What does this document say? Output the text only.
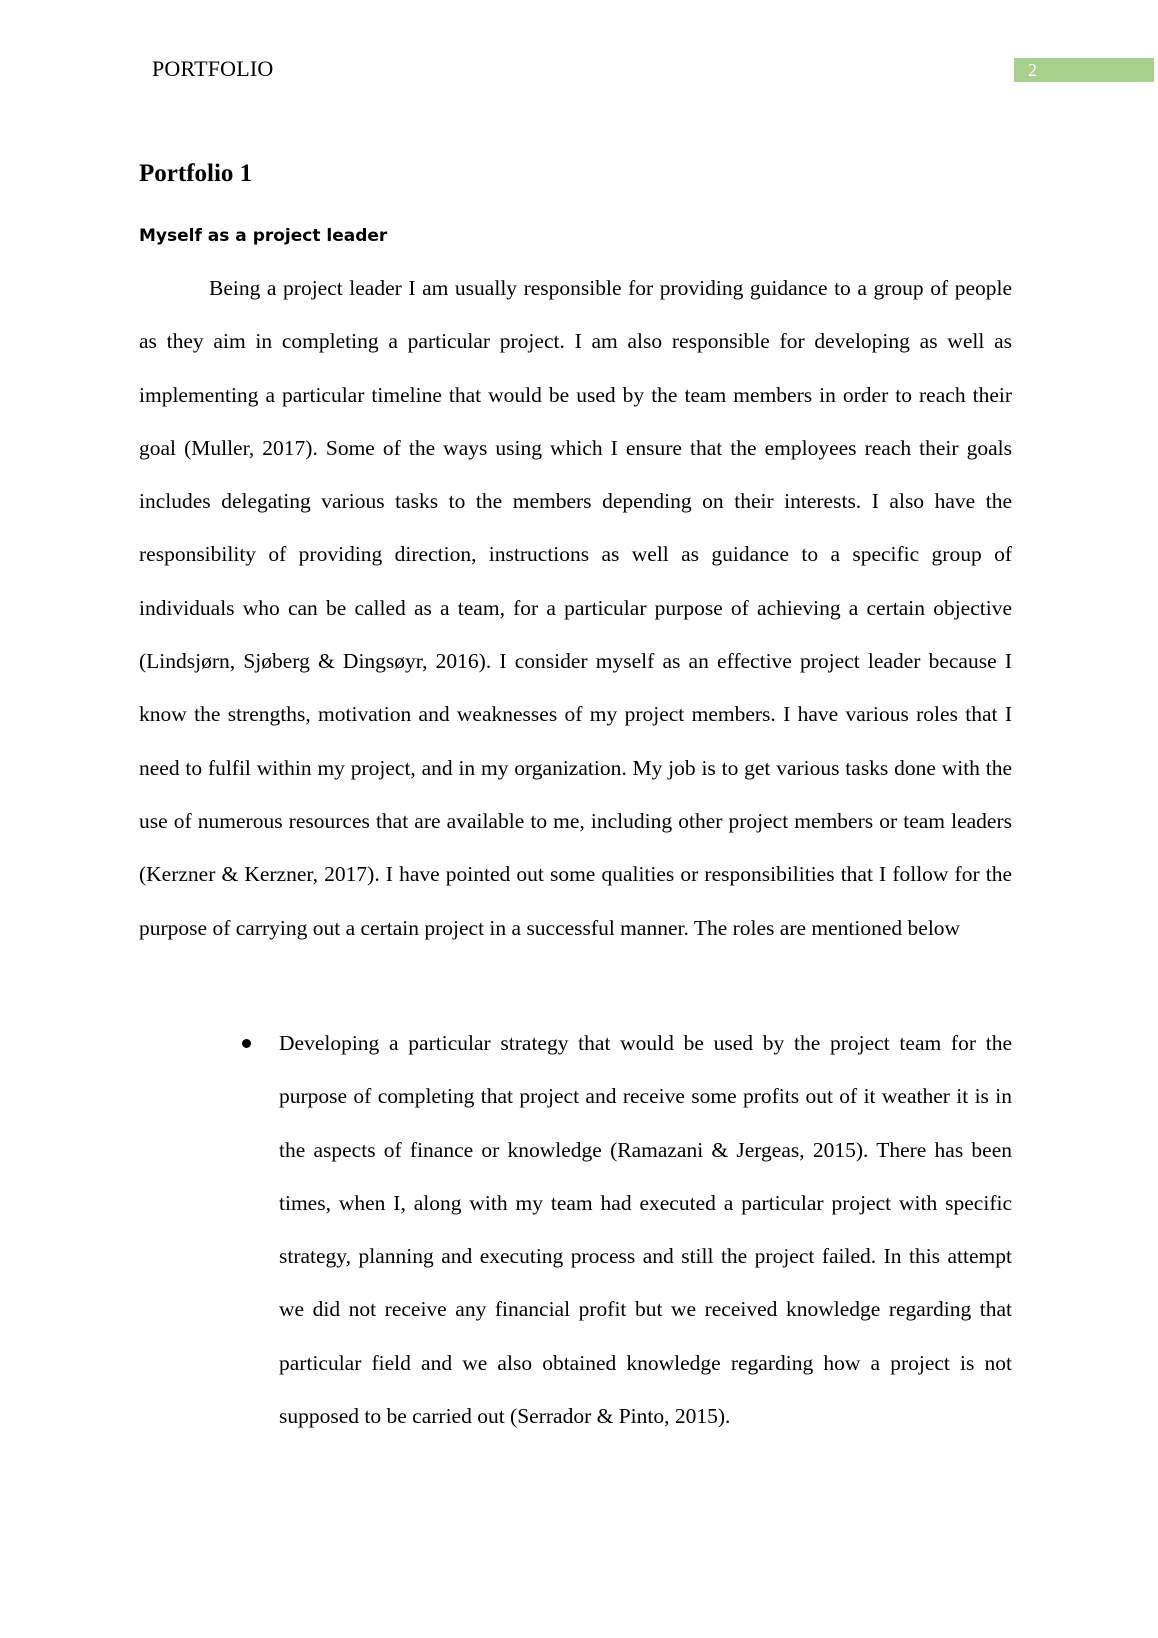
PORTFOLIO	2
Portfolio 1
Myself as a project leader

Being a project leader I am usually responsible for providing guidance to a group of people as they aim in completing a particular project. I am also responsible for developing as well as implementing a particular timeline that would be used by the team members in order to reach their goal (Muller, 2017). Some of the ways using which I ensure that the employees reach their goals includes delegating various tasks to the members depending on their interests. I also have the responsibility of providing direction, instructions as well as guidance to a specific group of individuals who can be called as a team, for a particular purpose of achieving a certain objective (Lindsjørn, Sjøberg & Dingsøyr, 2016). I consider myself as an effective project leader because I know the strengths, motivation and weaknesses of my project members. I have various roles that I need to fulfil within my project, and in my organization. My job is to get various tasks done with the use of numerous resources that are available to me, including other project members or team leaders (Kerzner & Kerzner, 2017). I have pointed out some qualities or responsibilities that I follow for the purpose of carrying out a certain project in a successful manner. The roles are mentioned below

Developing a particular strategy that would be used by the project team for the purpose of completing that project and receive some profits out of it weather it is in the aspects of finance or knowledge (Ramazani & Jergeas, 2015). There has been times, when I, along with my team had executed a particular project with specific strategy, planning and executing process and still the project failed. In this attempt we did not receive any financial profit but we received knowledge regarding that particular field and we also obtained knowledge regarding how a project is not supposed to be carried out (Serrador & Pinto, 2015).
